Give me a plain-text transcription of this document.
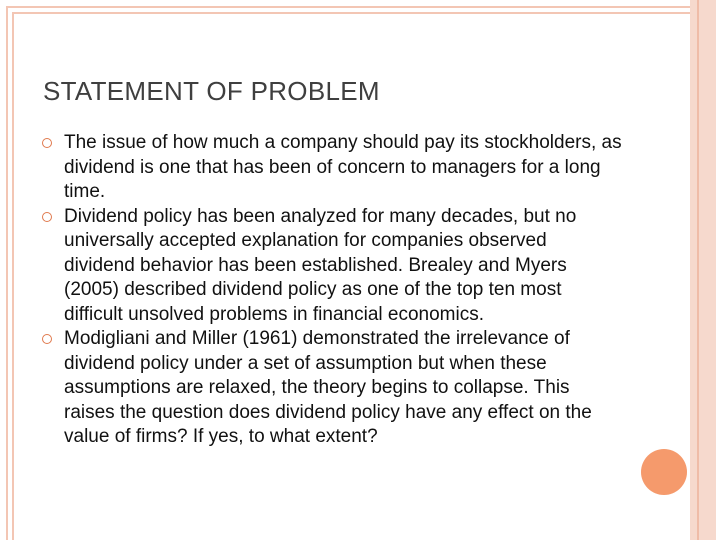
STATEMENT OF PROBLEM
The issue of how much a company should pay its stockholders, as dividend is one that has been of concern to managers for a long time.
Dividend policy has been analyzed for many decades, but no universally accepted explanation for companies observed dividend behavior has been established. Brealey and Myers (2005) described dividend policy as one of the top ten most difficult unsolved problems in financial economics.
Modigliani and Miller (1961) demonstrated the irrelevance of dividend policy under a set of assumption but when these assumptions are relaxed, the theory begins to collapse. This raises the question does dividend policy have any effect on the value of firms? If yes, to what extent?
